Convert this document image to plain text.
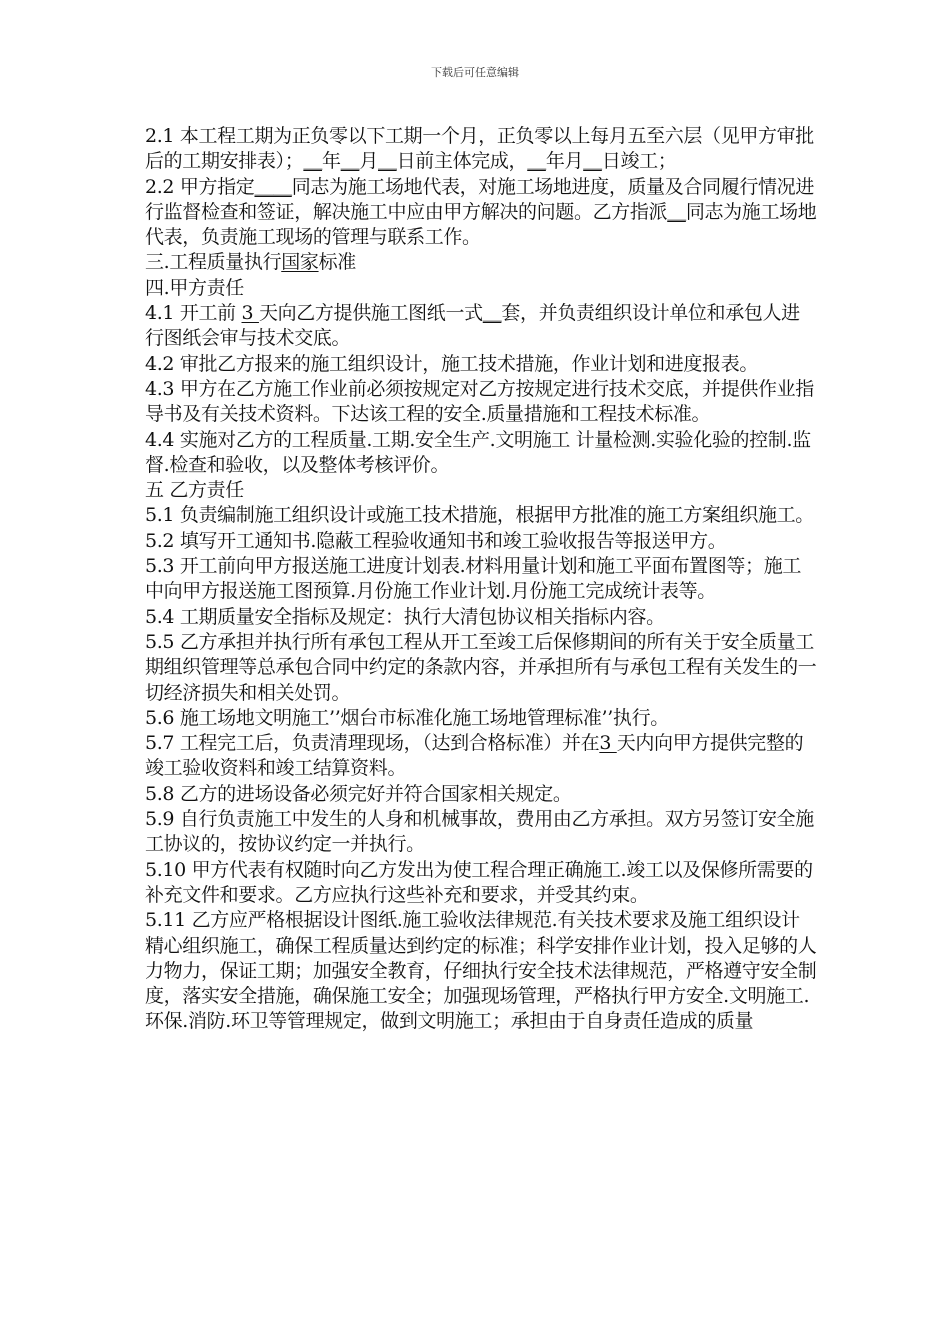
下载后可任意编辑

2.1 本工程工期为正负零以下工期一个月，正负零以上每月五至六层（见甲方审批后的工期安排表）；＿年＿月＿日前主体完成，＿年月＿日竣工；

2.2 甲方指定＿＿同志为施工场地代表，对施工场地进度，质量及合同履行情况进行监督检查和签证，解决施工中应由甲方解决的问题。乙方指派＿同志为施工场地代表，负责施工现场的管理与联系工作。

三.工程质量执行国家标准

四.甲方责任

4.1 开工前 3 天向乙方提供施工图纸一式＿套，并负责组织设计单位和承包人进行图纸会审与技术交底。

4.2 审批乙方报来的施工组织设计，施工技术措施，作业计划和进度报表。

4.3 甲方在乙方施工作业前必须按规定对乙方按规定进行技术交底，并提供作业指导书及有关技术资料。下达该工程的安全.质量措施和工程技术标准。

4.4 实施对乙方的工程质量.工期.安全生产.文明施工 计量检测.实验化验的控制.监督.检查和验收，以及整体考核评价。

五 乙方责任

5.1 负责编制施工组织设计或施工技术措施，根据甲方批准的施工方案组织施工。

5.2 填写开工通知书.隐蔽工程验收通知书和竣工验收报告等报送甲方。

5.3 开工前向甲方报送施工进度计划表.材料用量计划和施工平面布置图等；施工中向甲方报送施工图预算.月份施工作业计划.月份施工完成统计表等。

5.4 工期质量安全指标及规定：执行大清包协议相关指标内容。

5.5 乙方承担并执行所有承包工程从开工至竣工后保修期间的所有关于安全质量工期组织管理等总承包合同中约定的条款内容，并承担所有与承包工程有关发生的一切经济损失和相关处罚。

5.6 施工场地文明施工’’烟台市标准化施工场地管理标准’’执行。

5.7 工程完工后，负责清理现场，（达到合格标准）并在3 天内向甲方提供完整的竣工验收资料和竣工结算资料。

5.8 乙方的进场设备必须完好并符合国家相关规定。

5.9 自行负责施工中发生的人身和机械事故，费用由乙方承担。双方另签订安全施工协议的，按协议约定一并执行。

5.10 甲方代表有权随时向乙方发出为使工程合理正确施工.竣工以及保修所需要的补充文件和要求。乙方应执行这些补充和要求，并受其约束。

5.11 乙方应严格根据设计图纸.施工验收法律规范.有关技术要求及施工组织设计精心组织施工，确保工程质量达到约定的标准；科学安排作业计划，投入足够的人力物力，保证工期；加强安全教育，仔细执行安全技术法律规范，严格遵守安全制度，落实安全措施，确保施工安全；加强现场管理，严格执行甲方安全.文明施工.环保.消防.环卫等管理规定，做到文明施工；承担由于自身责任造成的质量
